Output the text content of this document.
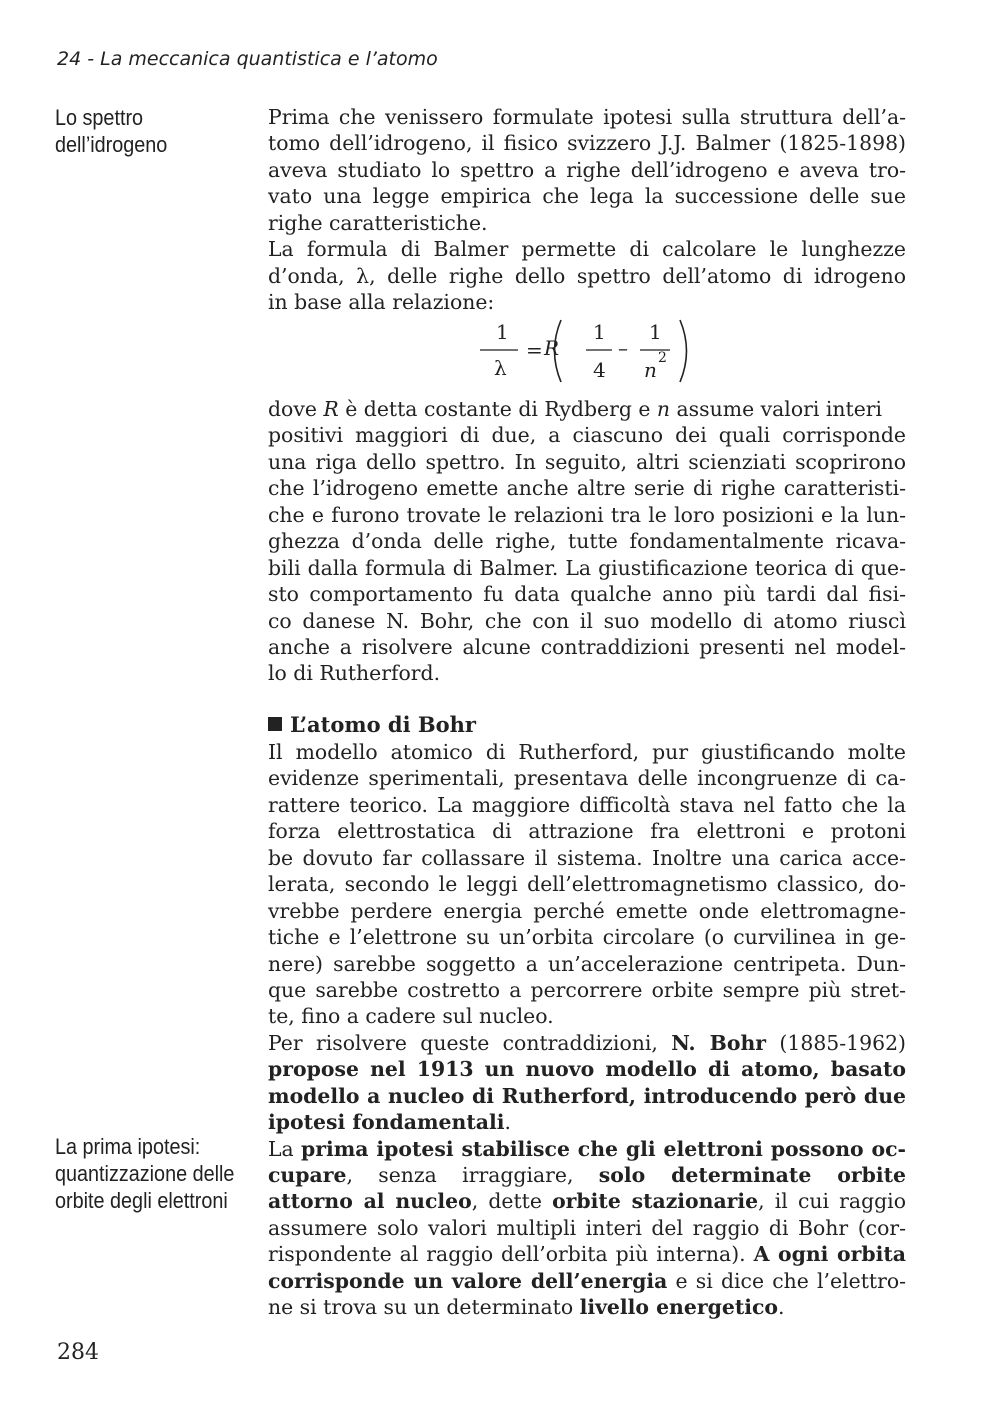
24 - La meccanica quantistica e l’atomo
Lo spettro
dell’idrogeno
La prima ipotesi:
quantizzazione delle
orbite degli elettroni
Prima che venissero formulate ipotesi sulla struttura dell’a-
tomo dell’idrogeno, il fisico svizzero J.J. Balmer (1825-1898)
aveva studiato lo spettro a righe dell’idrogeno e aveva tro-
vato una legge empirica che lega la successione delle sue
righe caratteristiche.
La formula di Balmer permette di calcolare le lunghezze
d’onda, λ, delle righe dello spettro dell’atomo di idrogeno
in base alla relazione:
1
λ
= R
1
4
–
1
n 2
dove R è detta costante di Rydberg e n assume valori interi
positivi maggiori di due, a ciascuno dei quali corrisponde
una riga dello spettro. In seguito, altri scienziati scoprirono
che l’idrogeno emette anche altre serie di righe caratteristi-
che e furono trovate le relazioni tra le loro posizioni e la lun-
ghezza d’onda delle righe, tutte fondamentalmente ricava-
bili dalla formula di Balmer. La giustificazione teorica di que-
sto comportamento fu data qualche anno più tardi dal fisi-
co danese N. Bohr, che con il suo modello di atomo riuscì
anche a risolvere alcune contraddizioni presenti nel model-
lo di Rutherford.
L’atomo di Bohr
Il modello atomico di Rutherford, pur giustificando molte
evidenze sperimentali, presentava delle incongruenze di ca-
rattere teorico. La maggiore difficoltà stava nel fatto che la
forza elettrostatica di attrazione fra elettroni e protoni
be dovuto far collassare il sistema. Inoltre una carica acce-
lerata, secondo le leggi dell’elettromagnetismo classico, do-
vrebbe perdere energia perché emette onde elettromagne-
tiche e l’elettrone su un’orbita circolare (o curvilinea in ge-
nere) sarebbe soggetto a un’accelerazione centripeta. Dun-
que sarebbe costretto a percorrere orbite sempre più stret-
te, fino a cadere sul nucleo.
Per risolvere queste contraddizioni, N. Bohr (1885-1962)
propose nel 1913 un nuovo modello di atomo, basato
modello a nucleo di Rutherford, introducendo però due
ipotesi fondamentali.
La prima ipotesi stabilisce che gli elettroni possono oc-
cupare, senza irraggiare, solo determinate orbite
attorno al nucleo, dette orbite stazionarie, il cui raggio
assumere solo valori multipli interi del raggio di Bohr (cor-
rispondente al raggio dell’orbita più interna). A ogni orbita
corrisponde un valore dell’energia e si dice che l’elettro-
ne si trova su un determinato livello energetico.
284
